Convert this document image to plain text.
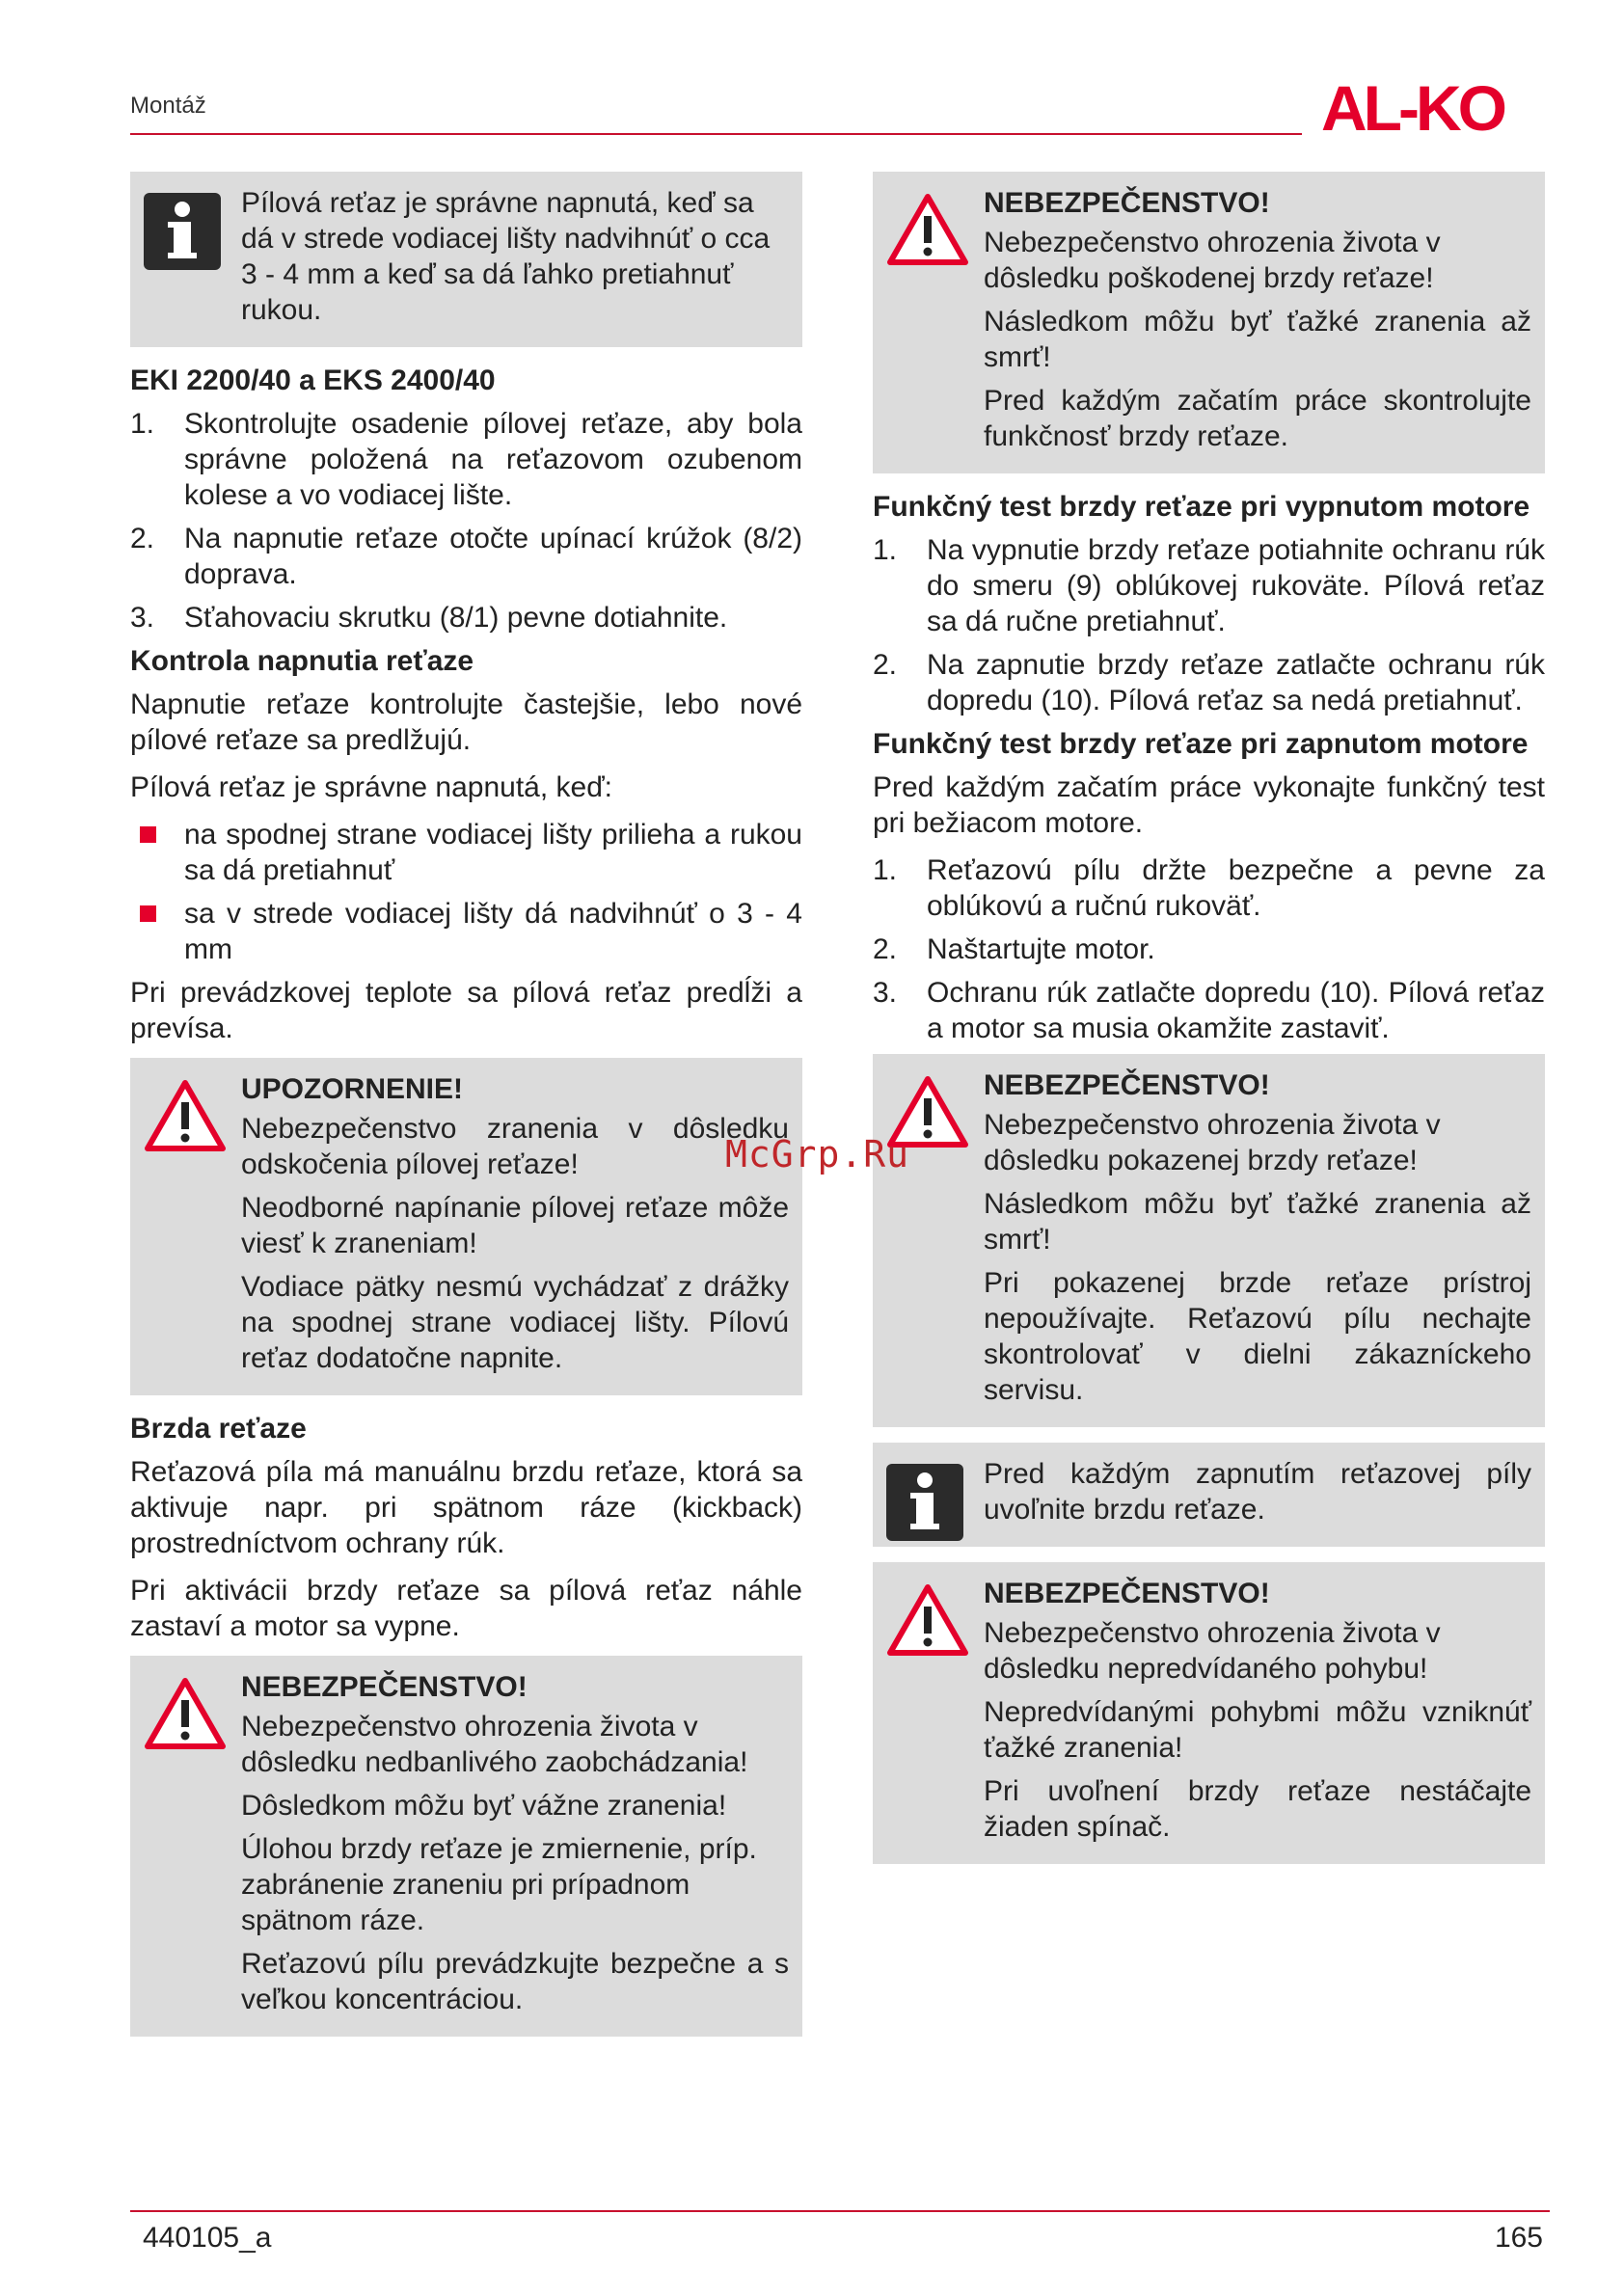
Montáž	AL-KO

Pílová reťaz je správne napnutá, keď sa dá v strede vodiacej lišty nadvihnúť o cca 3 - 4 mm a keď sa dá ľahko pretiahnuť rukou.

EKI 2200/40 a EKS 2400/40
1. Skontrolujte osadenie pílovej reťaze, aby bola správne položená na reťazovom ozubenom kolese a vo vodiacej lište.
2. Na napnutie reťaze otočte upínací krúžok (8/2) doprava.
3. Sťahovaciu skrutku (8/1) pevne dotiahnite.
Kontrola napnutia reťaze

Napnutie reťaze kontrolujte častejšie, lebo nové pílové reťaze sa predlžujú.

Pílová reťaz je správne napnutá, keď:

na spodnej strane vodiacej lišty prilieha a rukou sa dá pretiahnuť
sa v strede vodiacej lišty dá nadvihnúť o 3 - 4 mm

Pri prevádzkovej teplote sa pílová reťaz predĺži a prevísa.

UPOZORNENIE!

Nebezpečenstvo zranenia v dôsledku odskočenia pílovej reťaze!

Neodborné napínanie pílovej reťaze môže viesť k zraneniam!

Vodiace pätky nesmú vychádzať z drážky na spodnej strane vodiacej lišty. Pílovú reťaz dodatočne napnite.

Brzda reťaze

Reťazová píla má manuálnu brzdu reťaze, ktorá sa aktivuje napr. pri spätnom ráze (kickback) prostredníctvom ochrany rúk.

Pri aktivácii brzdy reťaze sa pílová reťaz náhle zastaví a motor sa vypne.

NEBEZPEČENSTVO!

Nebezpečenstvo ohrozenia života v dôsledku nedbanlivého zaobchádzania!

Dôsledkom môžu byť vážne zranenia!

Úlohou brzdy reťaze je zmiernenie, príp. zabránenie zraneniu pri prípadnom spätnom ráze.

Reťazovú pílu prevádzkujte bezpečne a s veľkou koncentráciou.

NEBEZPEČENSTVO!

Nebezpečenstvo ohrozenia života v dôsledku poškodenej brzdy reťaze!

Následkom môžu byť ťažké zranenia až smrť!

Pred každým začatím práce skontrolujte funkčnosť brzdy reťaze.

Funkčný test brzdy reťaze pri vypnutom motore
1. Na vypnutie brzdy reťaze potiahnite ochranu rúk do smeru (9) oblúkovej rukoväte. Pílová reťaz sa dá ručne pretiahnuť.
2. Na zapnutie brzdy reťaze zatlačte ochranu rúk dopredu (10). Pílová reťaz sa nedá pretiahnuť.
Funkčný test brzdy reťaze pri zapnutom motore

Pred každým začatím práce vykonajte funkčný test pri bežiacom motore.

1. Reťazovú pílu držte bezpečne a pevne za oblúkovú a ručnú rukoväť.
2. Naštartujte motor.
3. Ochranu rúk zatlačte dopredu (10). Pílová reťaz a motor sa musia okamžite zastaviť.
NEBEZPEČENSTVO!

Nebezpečenstvo ohrozenia života v dôsledku pokazenej brzdy reťaze!

Následkom môžu byť ťažké zranenia až smrť!

Pri pokazenej brzde reťaze prístroj nepoužívajte. Reťazovú pílu nechajte skontrolovať v dielni zákazníckeho servisu.

Pred každým zapnutím reťazovej píly uvoľnite brzdu reťaze.

NEBEZPEČENSTVO!

Nebezpečenstvo ohrozenia života v dôsledku nepredvídaného pohybu!

Nepredvídanými pohybmi môžu vzniknúť ťažké zranenia!

Pri uvoľnení brzdy reťaze nestáčajte žiaden spínač.

McGrp.Ru
440105_a	165
